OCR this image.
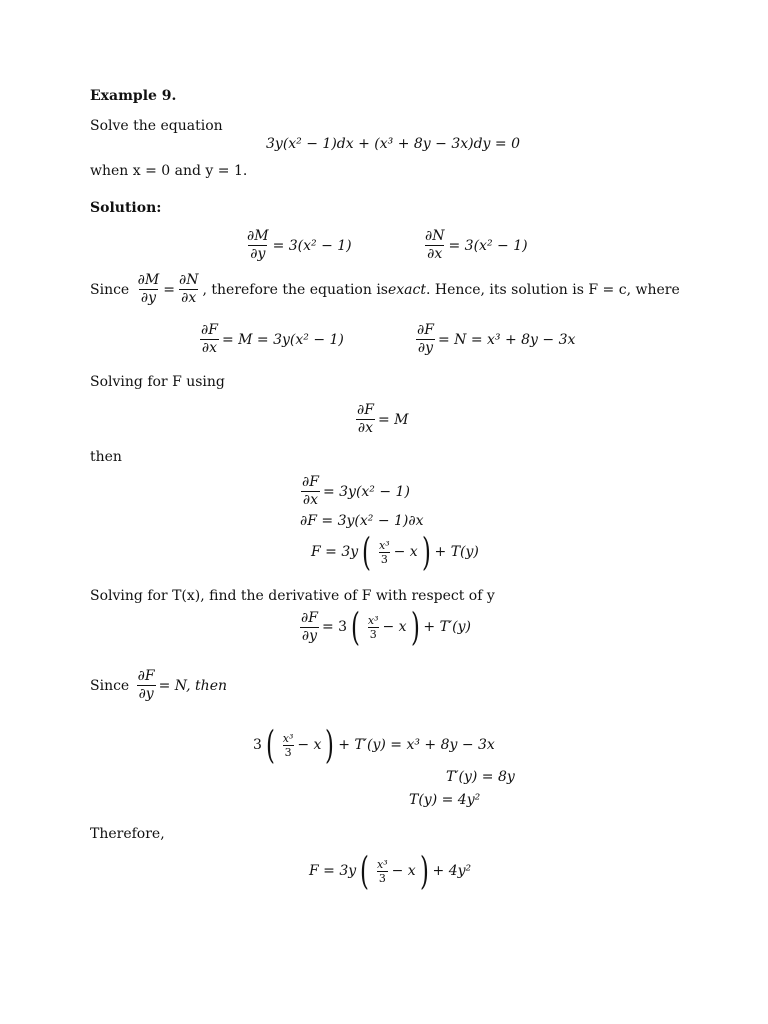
Example 9.
Solve the equation
3y(x² − 1)dx + (x³ + 8y − 3x)dy = 0
when x = 0 and y = 1.
Solution:
$\frac{\partial M}{\partial y} = 3(x^2 - 1)$	$\frac{\partial N}{\partial x} = 3(x^2 - 1)$
Since
$\frac{\partial M}{\partial y} = \frac{\partial N}{\partial x}$ , therefore the equation is exact . Hence, its solution is F = c, where
$\frac{\partial F}{\partial x} = M = 3y(x^2 - 1)$	$\frac{\partial F}{\partial y} = N = x^3 + 8y - 3x$
Solving for F using
$\frac{\partial F}{\partial x} = M$
then
$\frac{\partial F}{\partial x} = 3y(x^2 - 1)$
∂F = 3y(x² − 1)∂x
F = 3y ( $\frac{\text{x³}}{3} - x$ ) + T(y)
Solving for T(x), find the derivative of F with respect of y
$\frac{\partial F}{\partial y} = 3$ ( $\frac{\text{x³}}{3} - x$ ) + T′(y)
Since
$\frac{\partial F}{\partial y} = N$, then
3 ( $\frac{\text{x³}}{3} - x$ ) + T′(y) = x³ + 8y − 3x
T′(y) = 8y
T(y) = 4y²
Therefore,
F = 3y ( $\frac{\text{x³}}{3} - x$ ) + 4y²
